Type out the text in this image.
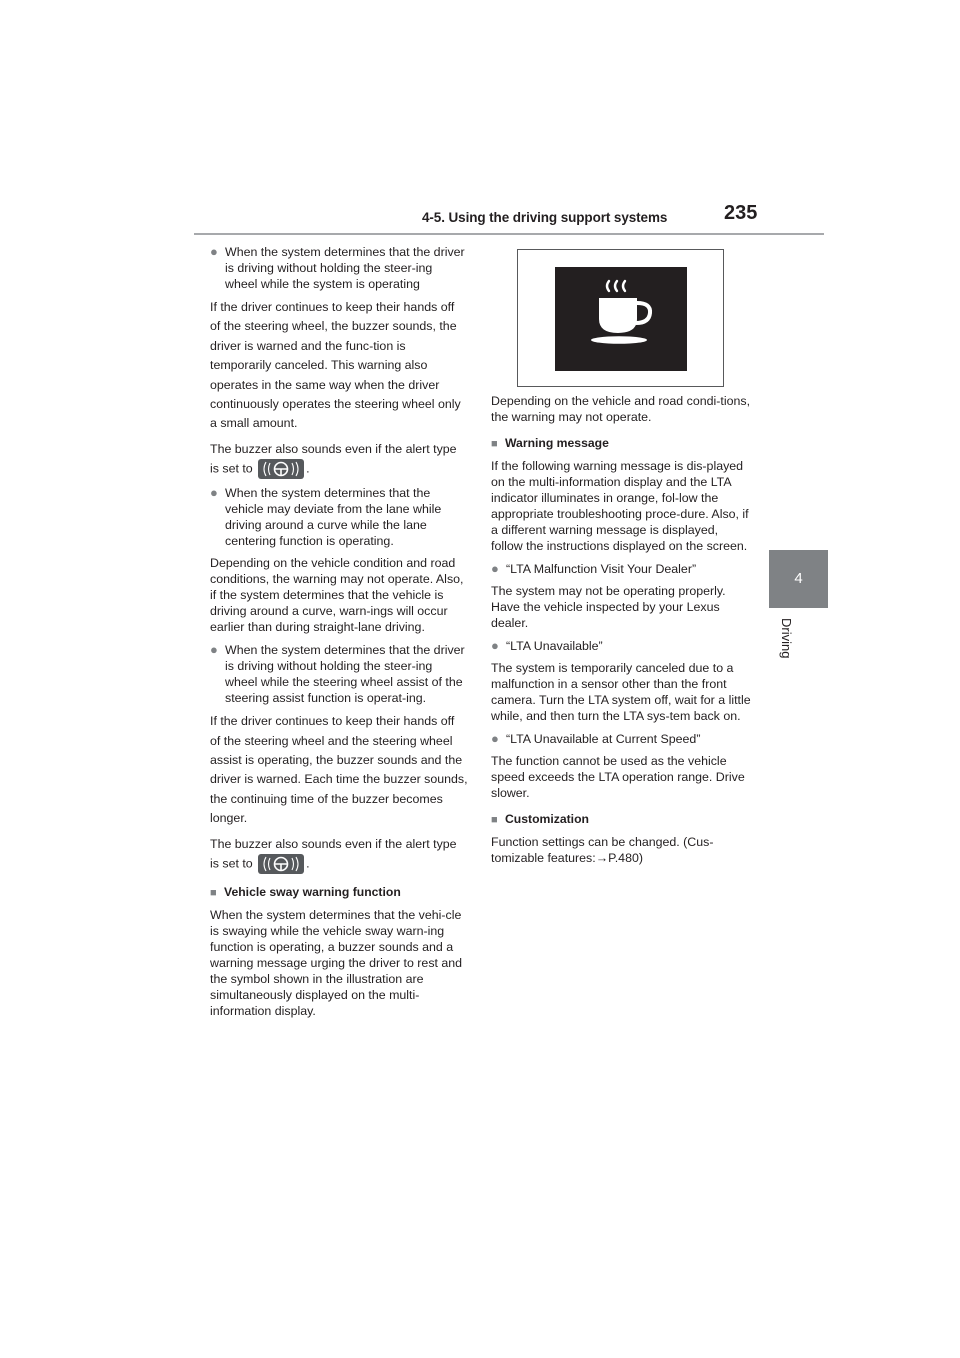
4-5. Using the driving support systems	235
4
Driving
● When the system determines that the driver is driving without holding the steer-ing wheel while the system is operating

If the driver continues to keep their hands off of the steering wheel, the buzzer sounds, the driver is warned and the func-tion is temporarily canceled. This warning also operates in the same way when the driver continuously operates the steering wheel only a small amount.

The buzzer also sounds even if the alert type is set to	.

● When the system determines that the vehicle may deviate from the lane while driving around a curve while the lane centering function is operating.

Depending on the vehicle condition and road conditions, the warning may not operate. Also, if the system determines that the vehicle is driving around a curve, warn-ings will occur earlier than during straight-lane driving.

● When the system determines that the driver is driving without holding the steer-ing wheel while the steering wheel assist of the steering assist function is operat-ing.

If the driver continues to keep their hands off of the steering wheel and the steering wheel assist is operating, the buzzer sounds and the driver is warned. Each time the buzzer sounds, the continuing time of the buzzer becomes longer.

The buzzer also sounds even if the alert type is set to	.

■ Vehicle sway warning function

When the system determines that the vehi-cle is swaying while the vehicle sway warn-ing function is operating, a buzzer sounds and a warning message urging the driver to rest and the symbol shown in the illustration are simultaneously displayed on the multi-information display.

Depending on the vehicle and road condi-tions, the warning may not operate.

■ Warning message

If the following warning message is dis-played on the multi-information display and the LTA indicator illuminates in orange, fol-low the appropriate troubleshooting proce-dure. Also, if a different warning message is displayed, follow the instructions displayed on the screen.

● “LTA Malfunction Visit Your Dealer”

The system may not be operating properly. Have the vehicle inspected by your Lexus dealer.

● “LTA Unavailable”

The system is temporarily canceled due to a malfunction in a sensor other than the front camera. Turn the LTA system off, wait for a little while, and then turn the LTA sys-tem back on.

● “LTA Unavailable at Current Speed”

The function cannot be used as the vehicle speed exceeds the LTA operation range. Drive slower.

■ Customization

Function settings can be changed. (Cus-tomizable features:→P.480)
